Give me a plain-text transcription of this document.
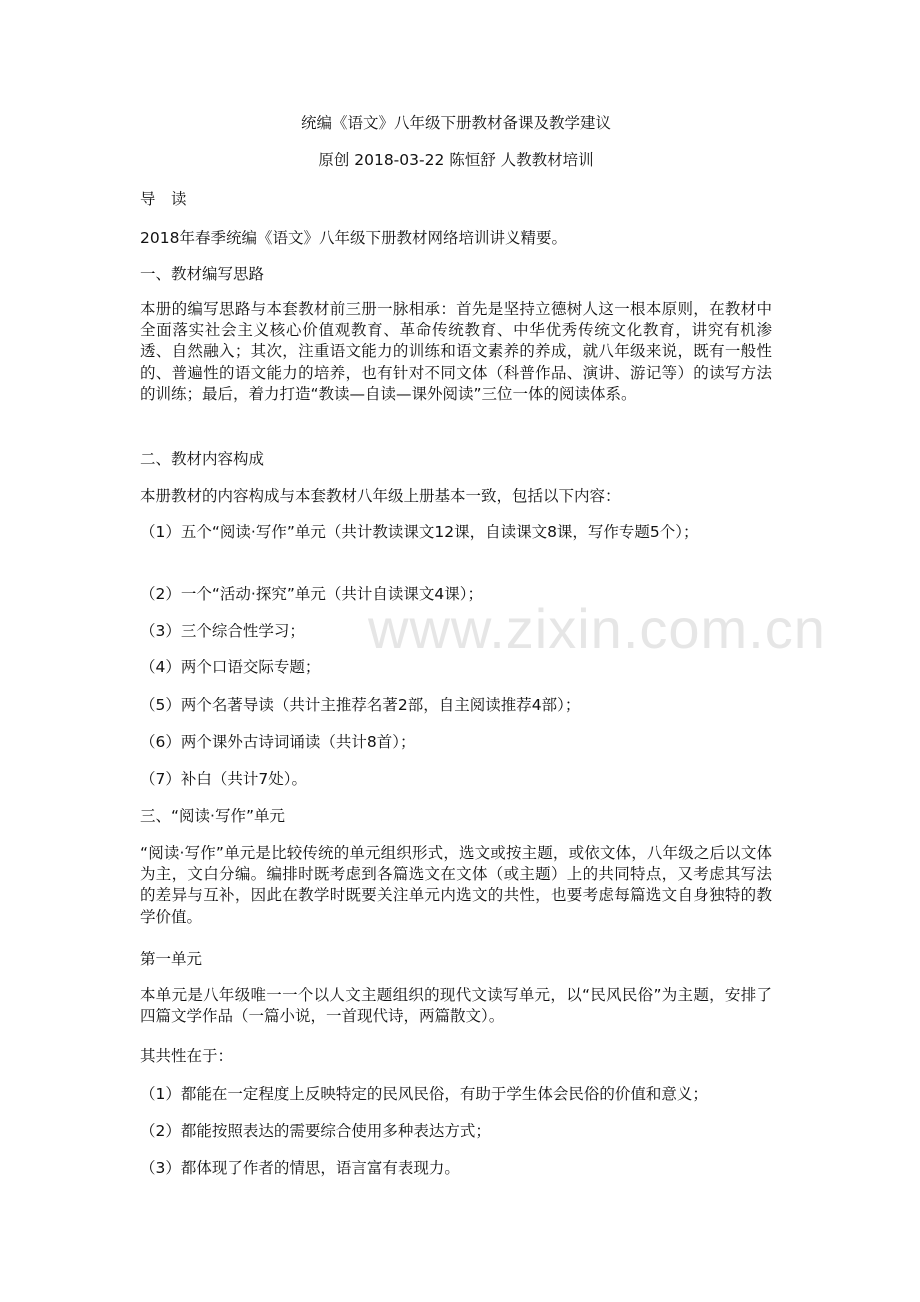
www.zixin.com.cn
统编《语文》八年级下册教材备课及教学建议
原创 2018-03-22 陈恒舒 人教教材培训
导　读
2018年春季统编《语文》八年级下册教材网络培训讲义精要。
一、教材编写思路
本册的编写思路与本套教材前三册一脉相承：首先是坚持立德树人这一根本原则，在教材中全面落实社会主义核心价值观教育、革命传统教育、中华优秀传统文化教育，讲究有机渗透、自然融入；其次，注重语文能力的训练和语文素养的养成，就八年级来说，既有一般性的、普遍性的语文能力的培养，也有针对不同文体（科普作品、演讲、游记等）的读写方法的训练；最后，着力打造“教读—自读—课外阅读”三位一体的阅读体系。
二、教材内容构成
本册教材的内容构成与本套教材八年级上册基本一致，包括以下内容：
（1）五个“阅读·写作”单元（共计教读课文12课，自读课文8课，写作专题5个）；
（2）一个“活动·探究”单元（共计自读课文4课）；
（3）三个综合性学习；
（4）两个口语交际专题；
（5）两个名著导读（共计主推荐名著2部，自主阅读推荐4部）；
（6）两个课外古诗词诵读（共计8首）；
（7）补白（共计7处）。
三、“阅读·写作”单元
“阅读·写作”单元是比较传统的单元组织形式，选文或按主题，或依文体，八年级之后以文体为主，文白分编。编排时既考虑到各篇选文在文体（或主题）上的共同特点，又考虑其写法的差异与互补，因此在教学时既要关注单元内选文的共性，也要考虑每篇选文自身独特的教学价值。
第一单元
本单元是八年级唯一一个以人文主题组织的现代文读写单元，以“民风民俗”为主题，安排了四篇文学作品（一篇小说，一首现代诗，两篇散文）。
其共性在于：
（1）都能在一定程度上反映特定的民风民俗，有助于学生体会民俗的价值和意义；
（2）都能按照表达的需要综合使用多种表达方式；
（3）都体现了作者的情思，语言富有表现力。
